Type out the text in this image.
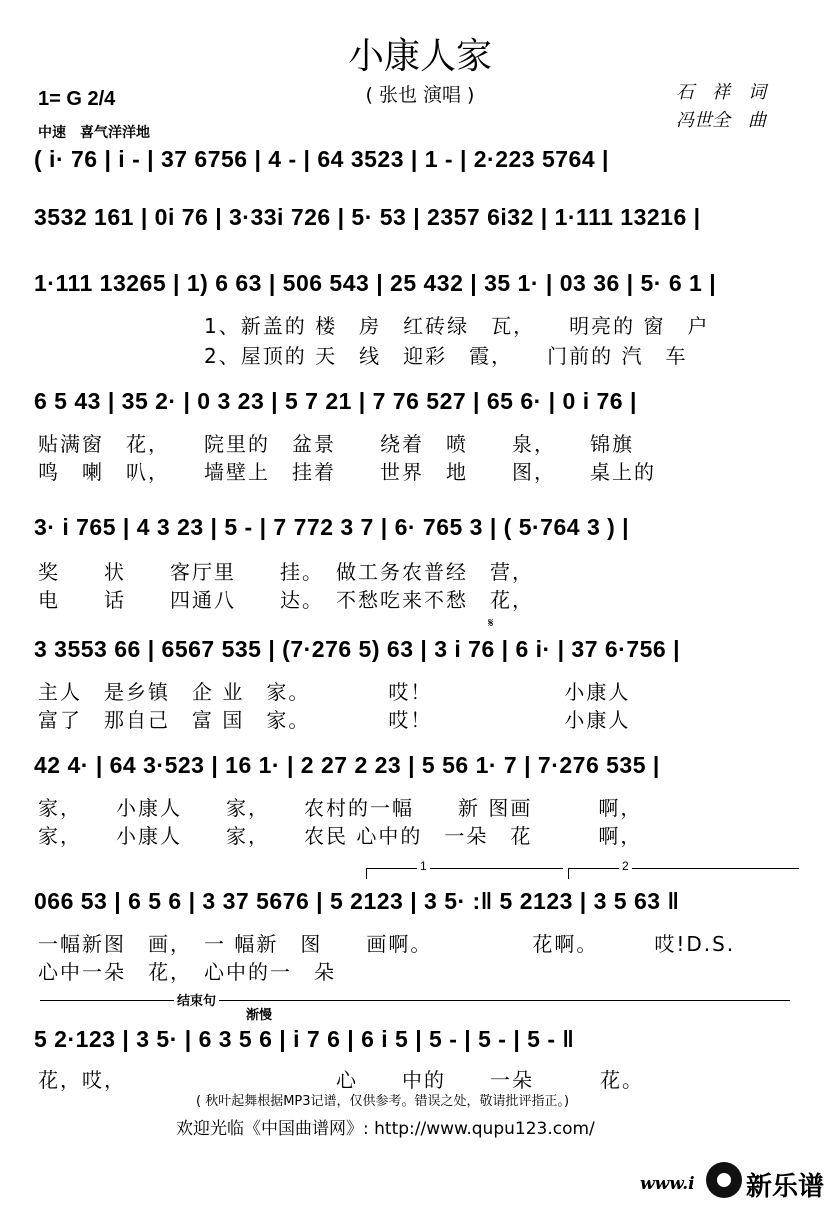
小康人家
( 张也 演唱 )	石　祥　词
冯世全　曲
1= G 2/4
中速　喜气洋洋地
( i· 76 | i - | 37 6756 | 4 - | 64 3523 | 1 - | 2·223 5764 |
3532 161 | 0i 76 | 3·33i 726 | 5· 53 | 2357 6i32 | 1·111 13216 |
1·111 13265 | 1) 6 63 | 506 543 | 25 432 | 35 1· | 03 36 | 5· 6 1 |
1、新盖的 楼　房　红砖绿　瓦，　　明亮的 窗　户
2、屋顶的 天　线　迎彩　霞，　　门前的 汽　车
6 5 43 | 35 2· | 0 3 23 | 5 7 21 | 7 76 527 | 65 6· | 0 i 76 |
贴满窗　花，　　院里的　盆景　　绕着　喷　　泉，　　锦旗
鸣　喇　叭，　　墙壁上　挂着　　世界　地　　图，　　桌上的
3· i 765 | 4 3 23 | 5 - | 7 772 3 7 | 6· 765 3 | ( 5·764 3 ) |
奖　　状　　客厅里　　挂。　做工务农普经　营，
电　　话　　四通八　　达。　不愁吃来不愁　花，
𝄋
3 3553 66 | 6567 535 | (7·276 5) 63 | 3 i 76 | 6 i· | 37 6·756 |
主人　是乡镇　企 业　家。　　　　哎！　　　　　　小康人
富了　那自己　富 国　家。　　　　哎！　　　　　　小康人
42 4· | 64 3·523 | 16 1· | 2 27 2 23 | 5 56 1· 7 | 7·276 535 |
家，　　小康人　　家，　　农村的一幅　　新 图画　　　啊，
家，　　小康人　　家，　　农民 心中的　一朵　花　　　啊，
1	2
066 53 | 6 5 6 | 3 37 5676 | 5 2123 | 3 5· :‖ 5 2123 | 3 5 63 ‖
一幅新图　画，　一 幅新　图　　画啊。　　　　　花啊。　　　哎!D.S.
心中一朵　花，　心中的一　朵
结束句
渐慢
5 2·123 | 3 5· | 6 3 5 6 | i 7 6 | 6 i 5 | 5 - | 5 - | 5 - ‖
花，哎，　　　　　　　　　　心　　中的　　一朵　　　花。
( 秋叶起舞根据MP3记谱，仅供参考。错误之处，敬请批评指正。)
欢迎光临《中国曲谱网》: http://www.qupu123.com/
www.i 新乐谱
